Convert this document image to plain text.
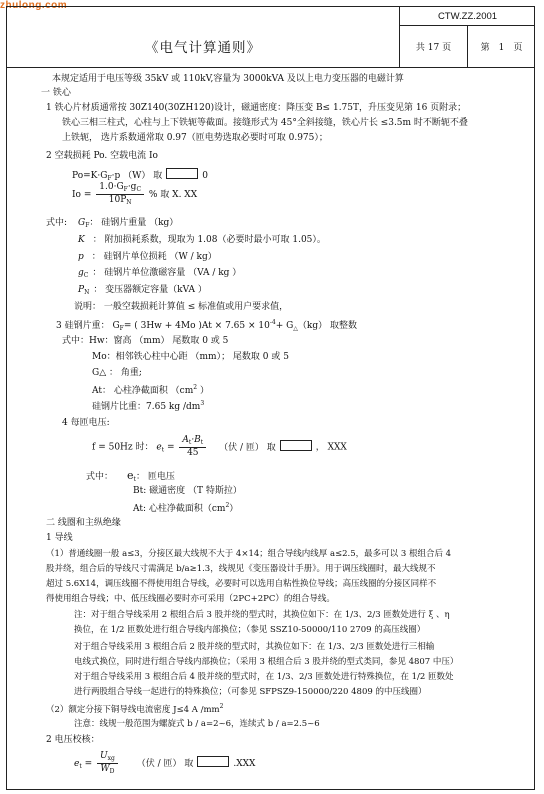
zhulong.com
CTW.ZZ.2001
《电气计算通则》	共 17 页	第　1　页
本规定适用于电压等级 35kV 或 110kV,容量为 3000kVA 及以上电力变压器的电磁计算
一 铁心
1 铁心片材质通常按 30Z140(30ZH120)设计，磁通密度：降压变 B≤ 1.75T，升压变见第 16 页附录；
铁心三相三柱式，心柱与上下铁轭等截面。接缝形式为 45°全斜接缝，铁心片长 ≤3.5m 时不断轭不叠
上铁轭， 选片系数通常取 0.97（匝电势选取必要时可取 0.975）；
2 空载损耗 Po. 空载电流 Io
$Po=K\cdot G_F\cdot p$ （W） 取	0
$Io = \frac{1.0\cdot G_F\cdot g_C}{10P_N}$ % 取 X. XX
式中: $G_F$： 硅钢片重量 （kg）
K ： 附加损耗系数，现取为 1.08（必要时最小可取 1.05）。
p ： 硅钢片单位损耗 （W / kg）
$g_C$ ： 硅钢片单位激磁容量 （VA / kg ）
$P_N$ ： 变压器额定容量（kVA ）
说明： 一般空载损耗计算值 ≤ 标准值或用户要求值，
3 硅钢片重： $G_F=$ ( 3Hw + 4Mo )$At \times 7.65 \times 10^{-4}+ G_\triangle(kg)$ 取整数
式中：Hw：窗高 （mm） 尾数取 0 或 5
Mo：相邻铁心柱中心距 （mm）； 尾数取 0 或 5
G△ ： 角重;
At： 心柱净截面积 （$cm^2$ ）
硅钢片比重：7.65 kg $/dm^3$
4 每匝电压:
f = 50Hz 时： $e_t = \frac{A_t\cdot B_t}{45}$ （伏 / 匝） 取	， XXX
式中： $e_t$： 匝电压
Bt: 磁通密度 （T 特斯拉）
At: 心柱净截面积$(cm^2)$
二 线圈和主纵绝缘
1 导线
（1）普通线圈一般 a≤3，分接区最大线规不大于 4×14；组合导线内线厚 a≤2.5，最多可以 3 根组合后 4
股并绕，组合后的导线尺寸需满足 b/a≥1.3，线规见《变压器设计手册》。用于调压线圈时，最大线规不
超过 5.6X14，调压线圈不得使用组合导线，必要时可以选用自粘性换位导线；高压线圈的分接区同样不
得使用组合导线；中、低压线圈必要时亦可采用（2PC+2PC）的组合导线。
注：对于组合导线采用 2 根组合后 3 股并绕的型式时，其换位如下：在 1/3、2/3 匝数处进行 ξ 、η
换位，在 1/2 匝数处进行组合导线内部换位；（参见 SSZ10-50000/110 2709 的高压线圈）
对于组合导线采用 3 根组合后 2 股并绕的型式时，其换位如下：在 1/3、2/3 匝数处进行三相输
电线式换位，同时进行组合导线内部换位；（采用 3 根组合后 3 股并绕的型式类同，参见 4807 中压）
对于组合导线采用 3 根组合后 4 股并绕的型式时，在 1/3、2/3 匝数处进行特殊换位，在 1/2 匝数处
进行两股组合导线一起进行的特殊换位；（可参见 SFPSZ9-150000/220 4809 的中压线圈）
（2）额定分接下铜导线电流密度 J≤4 A $/mm^2$
注意：线规一般范围为螺旋式 b / a=2~6，连续式 b / a=2.5~6
2 电压校核：
$e_t = \frac{U_{xg}}{W_D}$ （伏 / 匝） 取	.XXX
